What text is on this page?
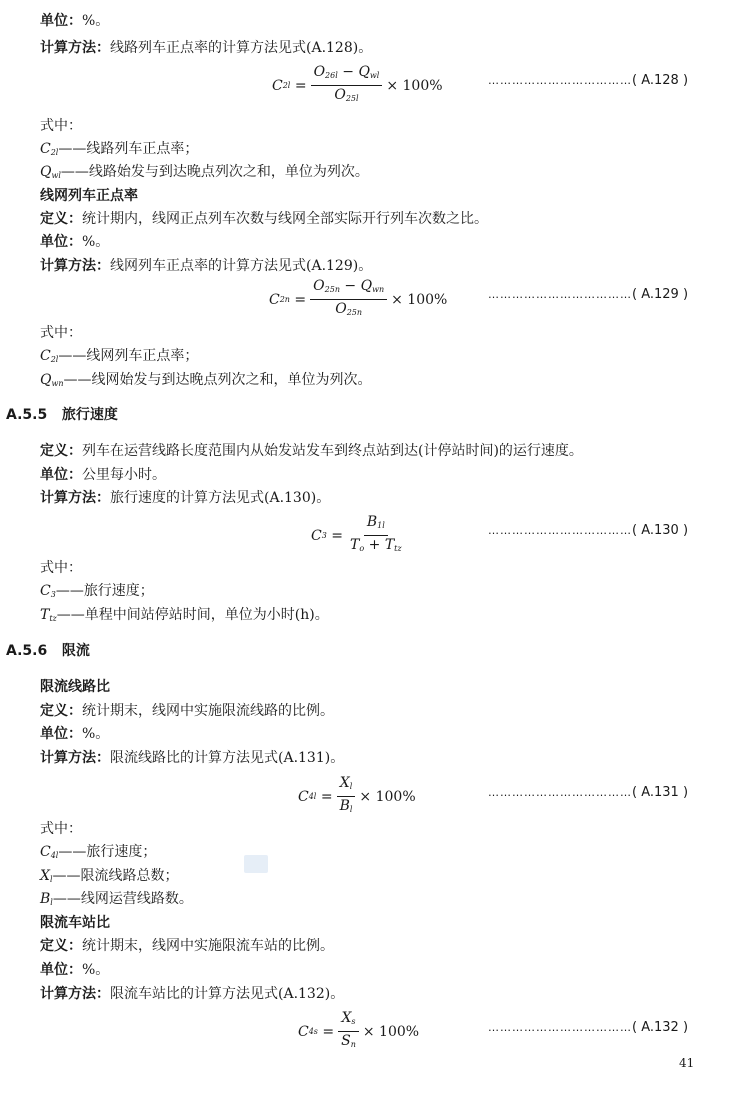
单位：%。
计算方法：线路列车正点率的计算方法见式(A.128)。
C $2l = \frac{O_{26l} - Q_{wl}}{O_{25l}} \times 100\%$	………………………………( A.128 )
式中：
$C_{2l}——$线路列车正点率；
$Q_{wl}——$线路始发与到达晚点列次之和，单位为列次。
线网列车正点率
定义：统计期内，线网正点列车次数与线网全部实际开行列车次数之比。
单位：%。
计算方法：线网列车正点率的计算方法见式(A.129)。
C $2n = \frac{O_{25n} - Q_{wn}}{O_{25n}} \times 100\%$	………………………………( A.129 )
式中：
$C_{2l}——$线网列车正点率；
$Q_{wn}——$线网始发与到达晚点列次之和，单位为列次。
A.5.5 旅行速度
定义：列车在运营线路长度范围内从始发站发车到终点站到达(计停站时间)的运行速度。
单位：公里每小时。
计算方法：旅行速度的计算方法见式(A.130)。
C $3 = \frac{B_{1l}}{T_o + T_{tz}}$	………………………………( A.130 )
式中：
$C_3——$旅行速度；
$T_{tz}——$单程中间站停站时间，单位为小时(h)。
A.5.6 限流
限流线路比
定义：统计期末，线网中实施限流线路的比例。
单位：%。
计算方法：限流线路比的计算方法见式(A.131)。
C $4l = \frac{X_l}{B_l} \times 100\%$	………………………………( A.131 )
式中：
$C_{4l}——$旅行速度；
$X_l——$限流线路总数；
$B_l——$线网运营线路数。
限流车站比
定义：统计期末，线网中实施限流车站的比例。
单位：%。
计算方法：限流车站比的计算方法见式(A.132)。
C $4s = \frac{X_s}{S_n} \times 100\%$	………………………………( A.132 )
41
